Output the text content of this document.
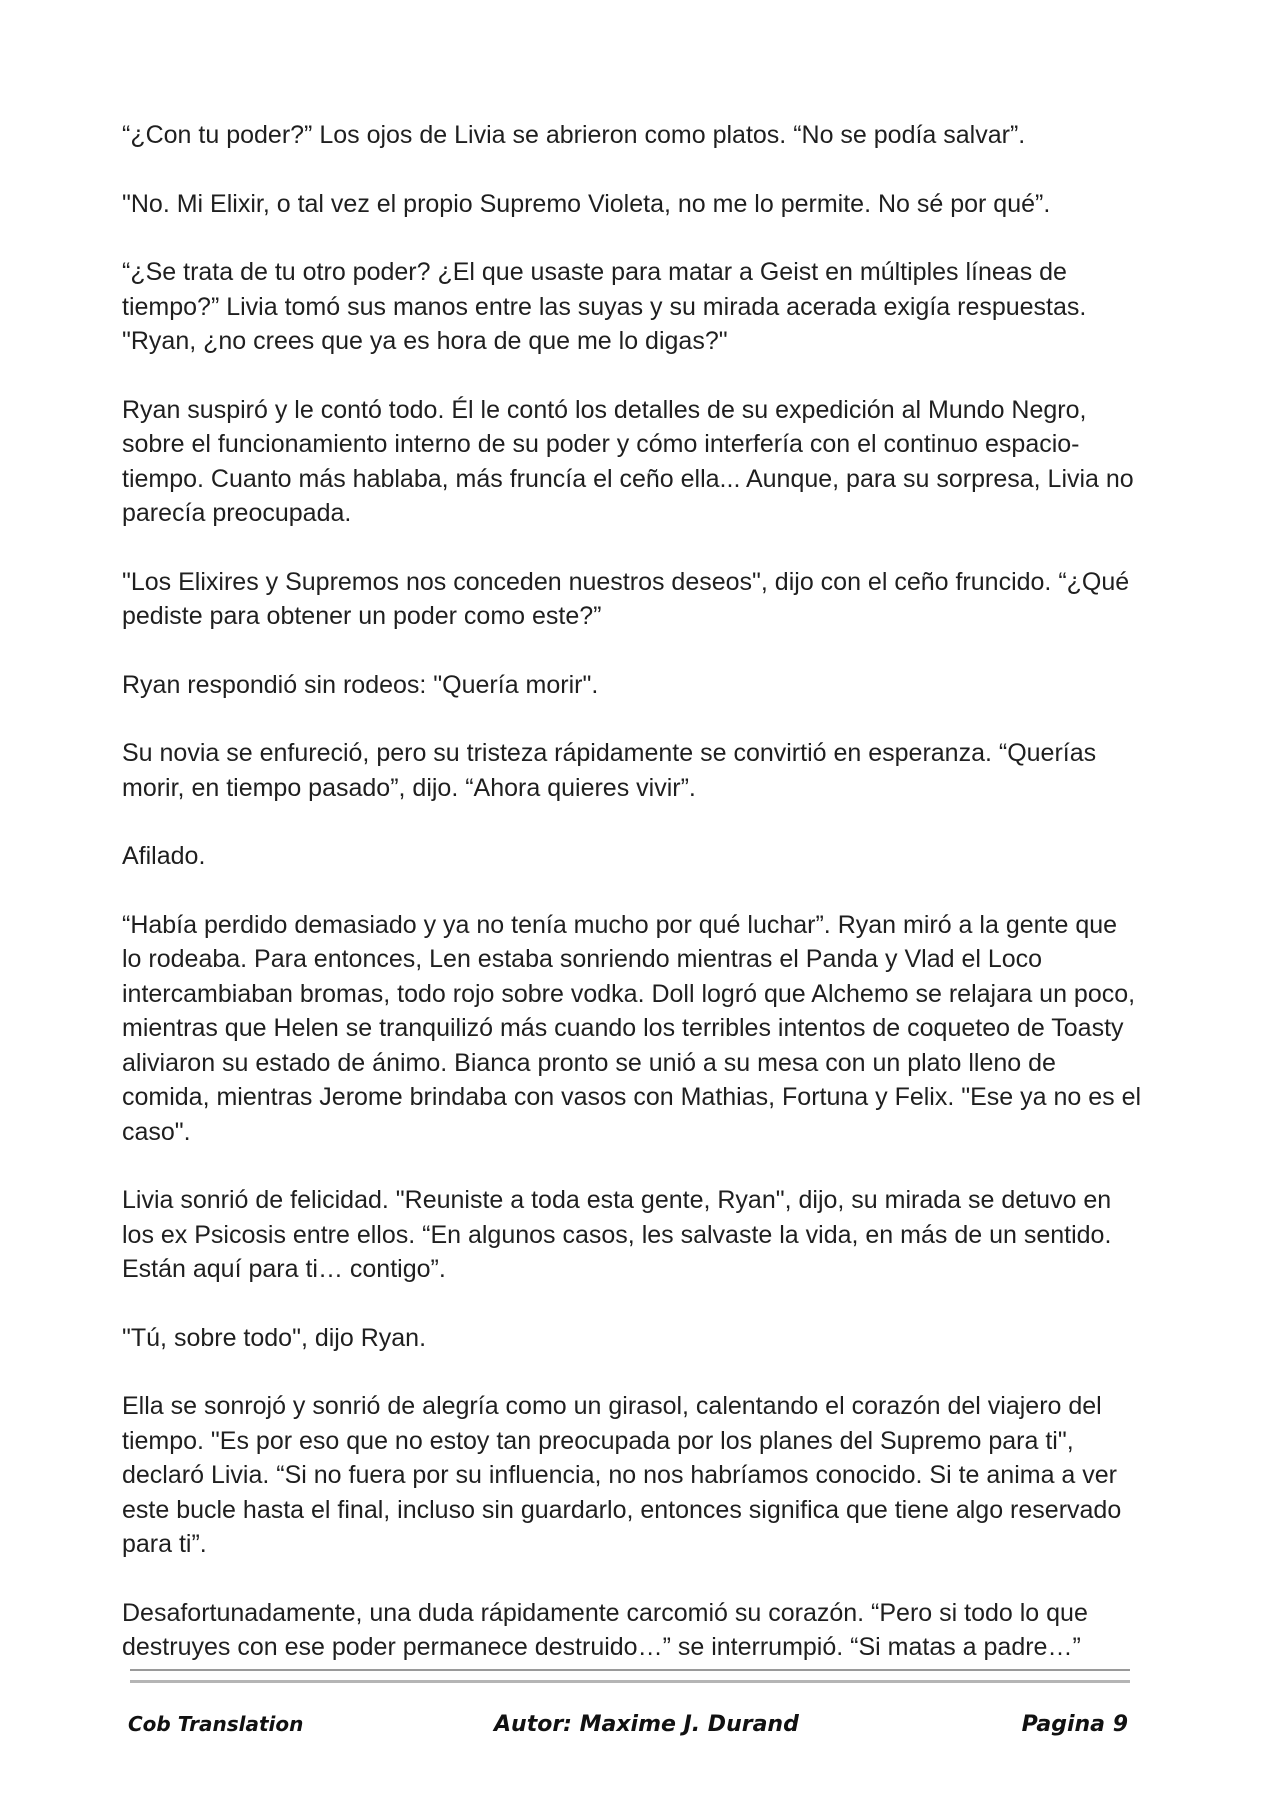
“¿Con tu poder?” Los ojos de Livia se abrieron como platos. “No se podía salvar”.

"No. Mi Elixir, o tal vez el propio Supremo Violeta, no me lo permite. No sé por qué”.

“¿Se trata de tu otro poder? ¿El que usaste para matar a Geist en múltiples líneas de tiempo?” Livia tomó sus manos entre las suyas y su mirada acerada exigía respuestas. "Ryan, ¿no crees que ya es hora de que me lo digas?"

Ryan suspiró y le contó todo. Él le contó los detalles de su expedición al Mundo Negro, sobre el funcionamiento interno de su poder y cómo interfería con el continuo espacio-tiempo. Cuanto más hablaba, más fruncía el ceño ella... Aunque, para su sorpresa, Livia no parecía preocupada.

"Los Elixires y Supremos nos conceden nuestros deseos", dijo con el ceño fruncido. “¿Qué pediste para obtener un poder como este?”

Ryan respondió sin rodeos: "Quería morir".

Su novia se enfureció, pero su tristeza rápidamente se convirtió en esperanza. “Querías morir, en tiempo pasado”, dijo. “Ahora quieres vivir”.

Afilado.

“Había perdido demasiado y ya no tenía mucho por qué luchar”. Ryan miró a la gente que lo rodeaba. Para entonces, Len estaba sonriendo mientras el Panda y Vlad el Loco intercambiaban bromas, todo rojo sobre vodka. Doll logró que Alchemo se relajara un poco, mientras que Helen se tranquilizó más cuando los terribles intentos de coqueteo de Toasty aliviaron su estado de ánimo. Bianca pronto se unió a su mesa con un plato lleno de comida, mientras Jerome brindaba con vasos con Mathias, Fortuna y Felix. "Ese ya no es el caso".

Livia sonrió de felicidad. "Reuniste a toda esta gente, Ryan", dijo, su mirada se detuvo en los ex Psicosis entre ellos. “En algunos casos, les salvaste la vida, en más de un sentido. Están aquí para ti… contigo”.

"Tú, sobre todo", dijo Ryan.

Ella se sonrojó y sonrió de alegría como un girasol, calentando el corazón del viajero del tiempo. "Es por eso que no estoy tan preocupada por los planes del Supremo para ti", declaró Livia. “Si no fuera por su influencia, no nos habríamos conocido. Si te anima a ver este bucle hasta el final, incluso sin guardarlo, entonces significa que tiene algo reservado para ti”.

Desafortunadamente, una duda rápidamente carcomió su corazón. “Pero si todo lo que destruyes con ese poder permanece destruido…” se interrumpió. “Si matas a padre…”

Cob Translation	Autor: Maxime J. Durand	Pagina 9
